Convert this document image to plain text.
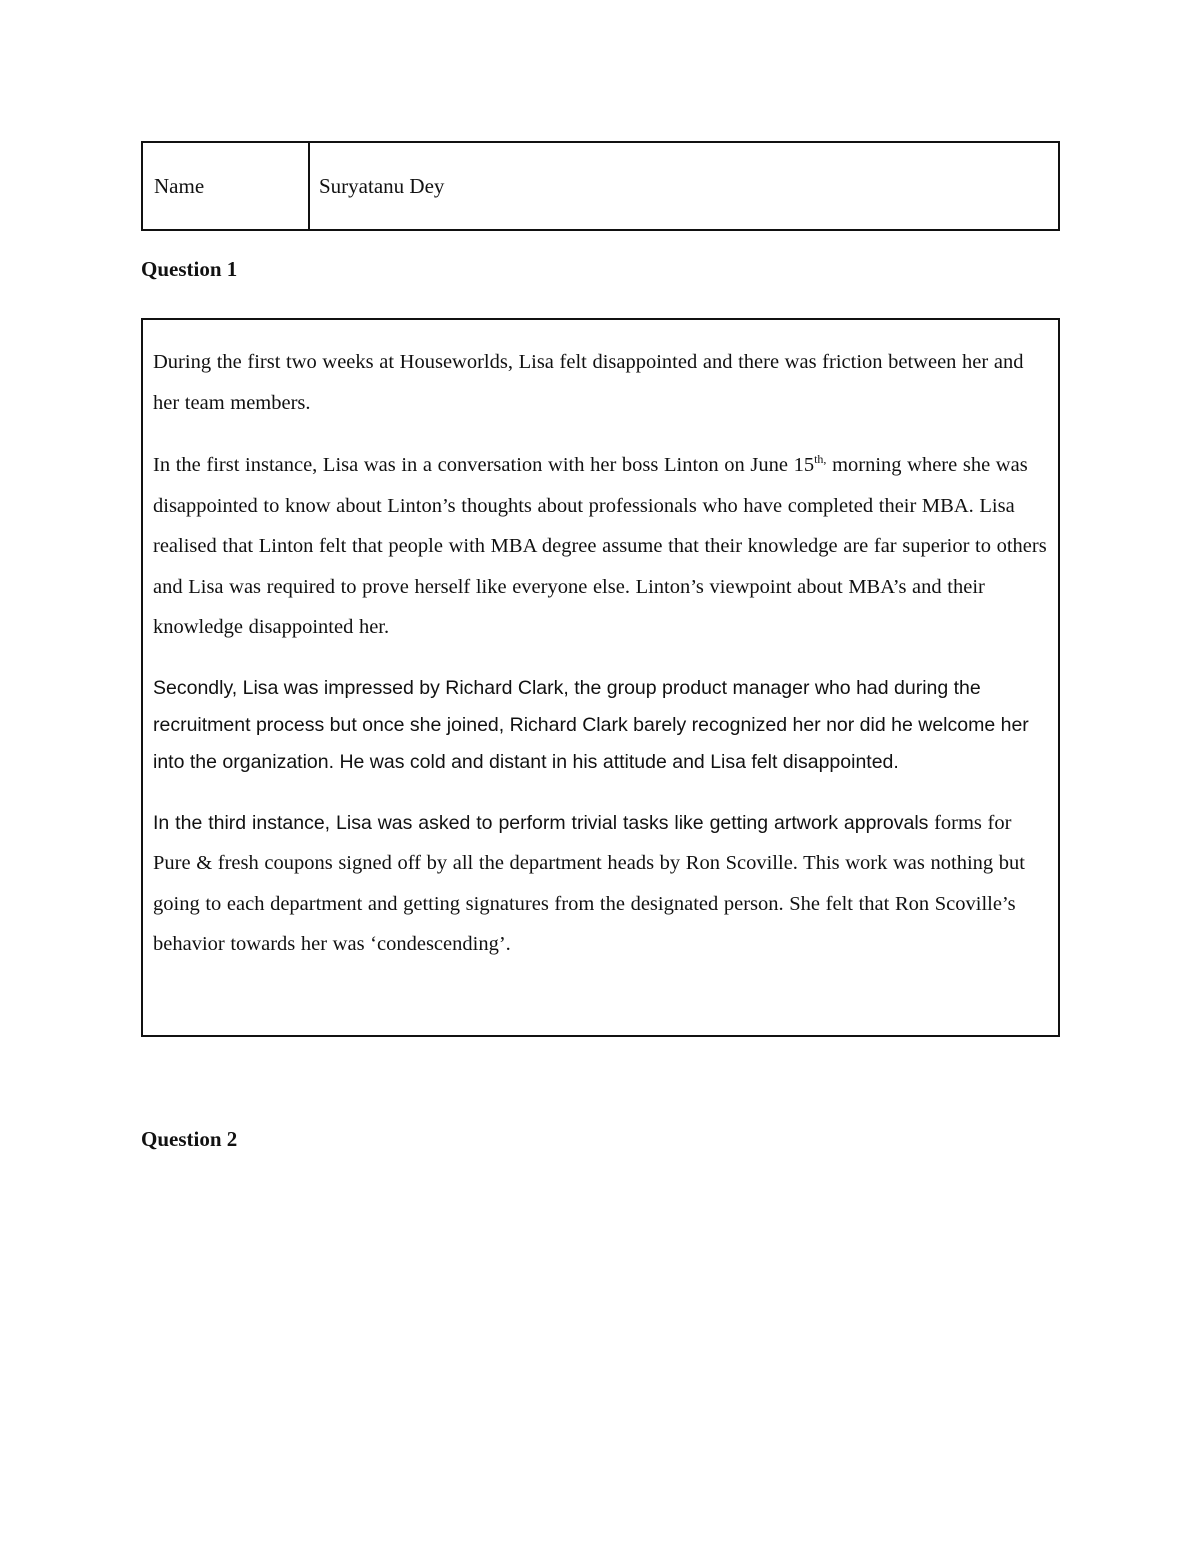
Name	Suryatanu Dey
Question 1

During the first two weeks at Houseworlds, Lisa felt disappointed and there was friction between her and her team members.

In the first instance, Lisa was in a conversation with her boss Linton on June $15^{th,}$ morning where she was disappointed to know about Linton’s thoughts about professionals who have completed their MBA. Lisa realised that Linton felt that people with MBA degree assume that their knowledge are far superior to others and Lisa was required to prove herself like everyone else. Linton’s viewpoint about MBA’s and their knowledge disappointed her.

Secondly, Lisa was impressed by Richard Clark, the group product manager who had during the recruitment process but once she joined, Richard Clark barely recognized her nor did he welcome her into the organization. He was cold and distant in his attitude and Lisa felt disappointed.

In the third instance, Lisa was asked to perform trivial tasks like getting artwork approvals forms for Pure & fresh coupons signed off by all the department heads by Ron Scoville. This work was nothing but going to each department and getting signatures from the designated person. She felt that Ron Scoville’s behavior towards her was ‘condescending’.

Question 2
